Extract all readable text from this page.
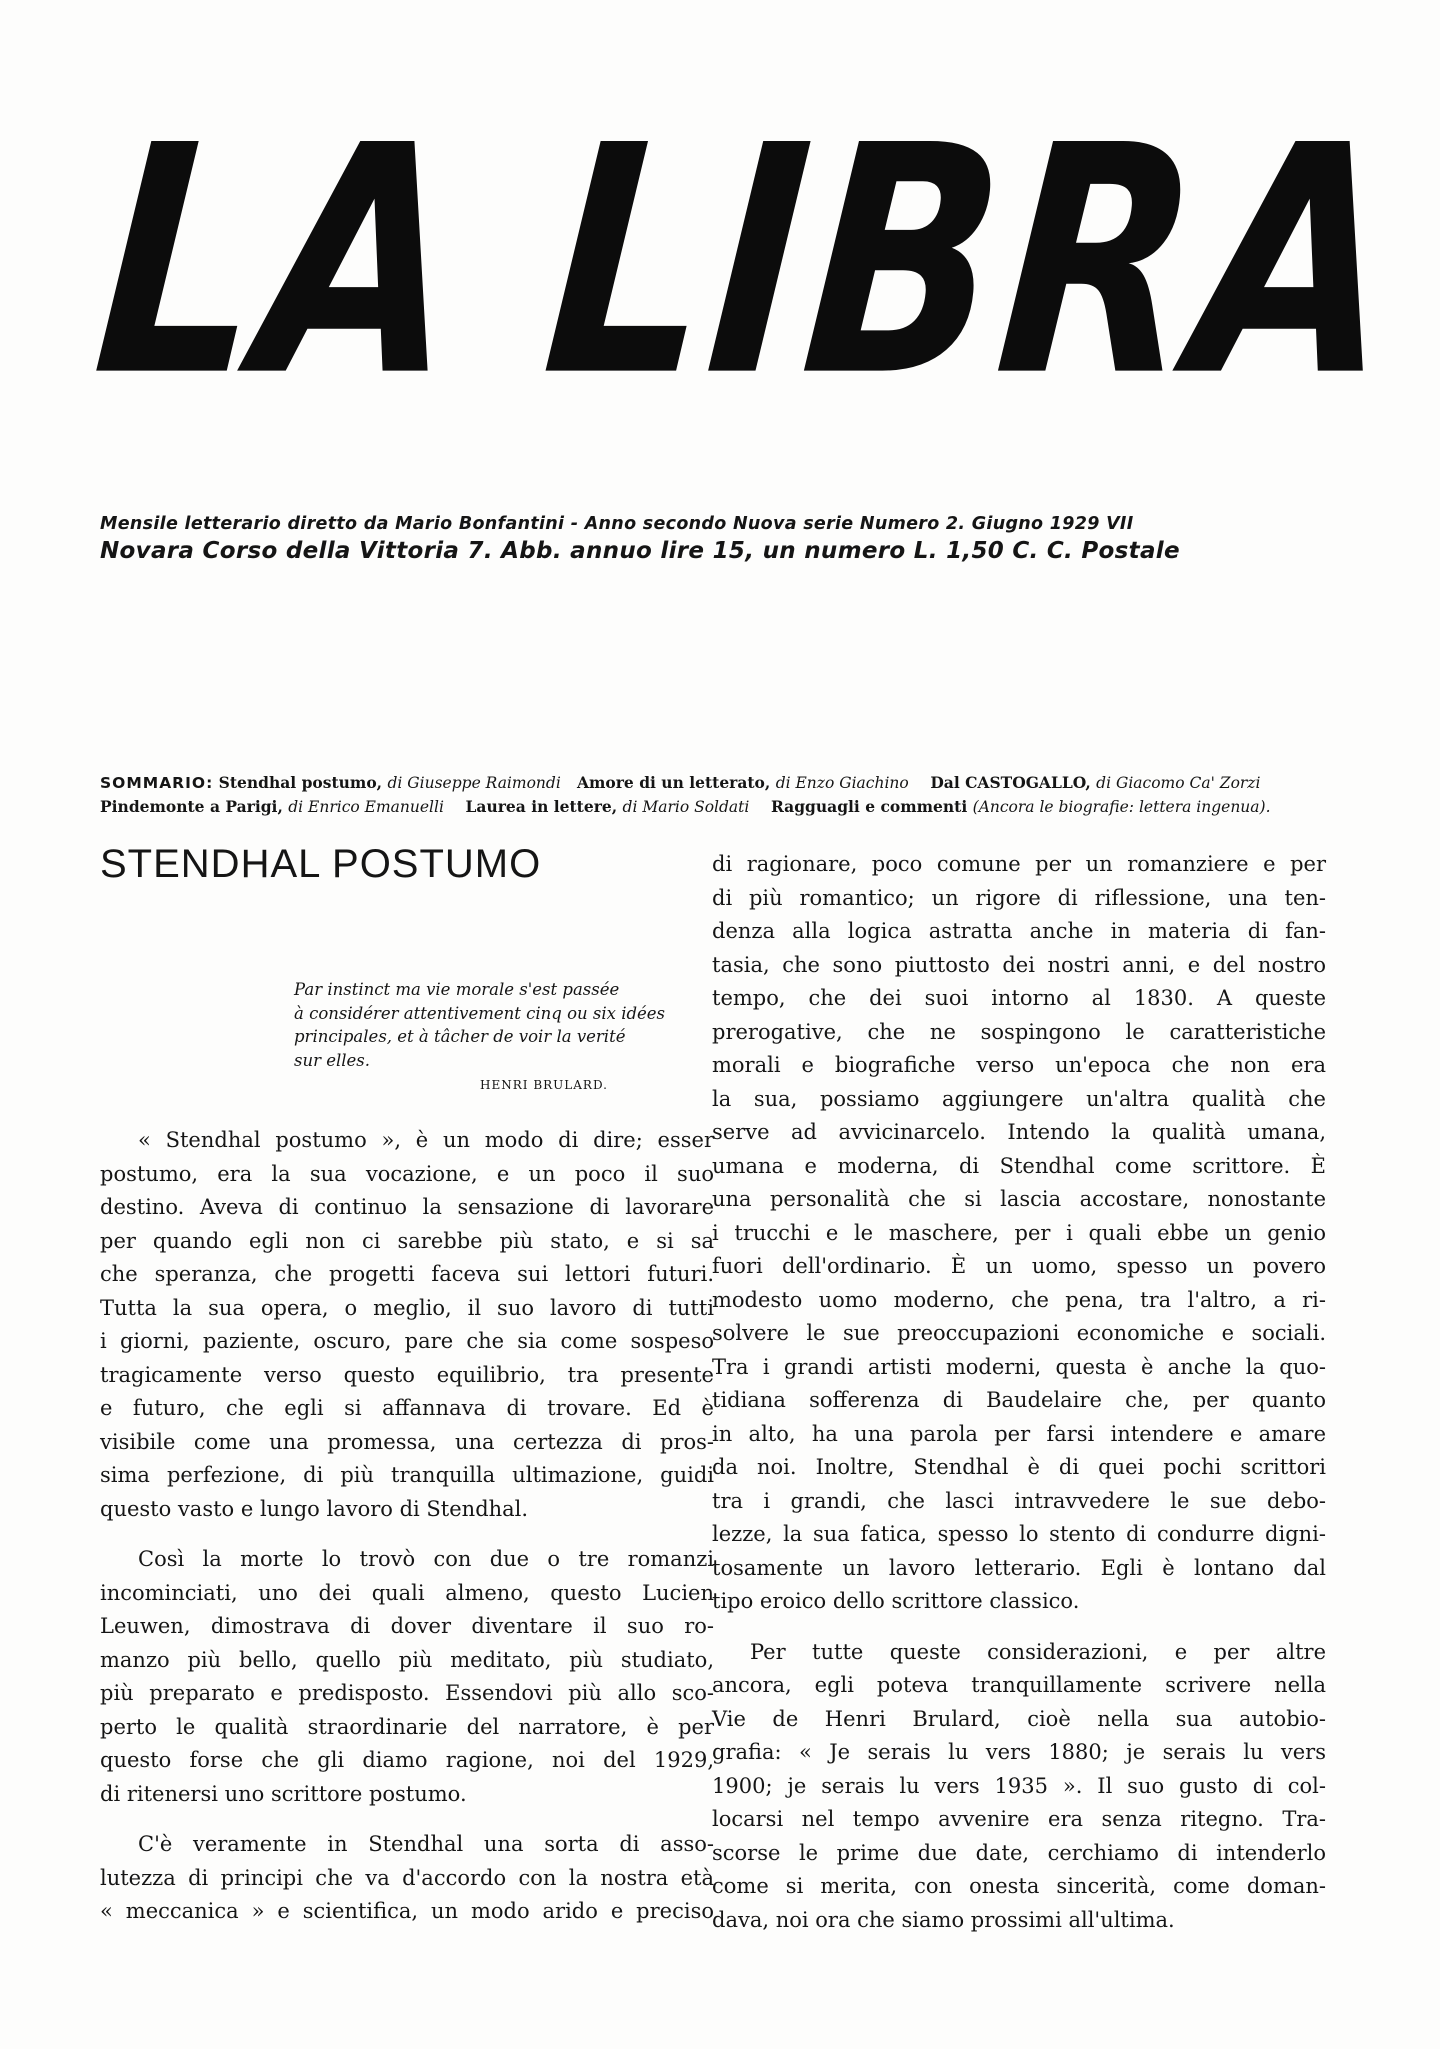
LA LIBRA
Mensile letterario diretto da Mario Bonfantini - Anno secondo Nuova serie Numero 2. Giugno 1929 VII
Novara Corso della Vittoria 7. Abb. annuo lire 15, un numero L. 1,50 C. C. Postale
SOMMARIO: Stendhal postumo, di Giuseppe Raimondi Amore di un letterato, di Enzo Giachino Dal CASTOGALLO, di Giacomo Ca' Zorzi
Pindemonte a Parigi, di Enrico Emanuelli Laurea in lettere, di Mario Soldati Ragguagli e commenti (Ancora le biografie: lettera ingenua).
STENDHAL POSTUMO
Par instinct ma vie morale s'est passée
à considérer attentivement cinq ou six idées
principales, et à tâcher de voir la verité
sur elles.
HENRI BRULARD.

« Stendhal postumo », è un modo di dire; esser
postumo, era la sua vocazione, e un poco il suo
destino. Aveva di continuo la sensazione di lavorare
per quando egli non ci sarebbe più stato, e si sa
che speranza, che progetti faceva sui lettori futuri.
Tutta la sua opera, o meglio, il suo lavoro di tutti
i giorni, paziente, oscuro, pare che sia come sospeso
tragicamente verso questo equilibrio, tra presente
e futuro, che egli si affannava di trovare. Ed è
visibile come una promessa, una certezza di pros-
sima perfezione, di più tranquilla ultimazione, guidi
questo vasto e lungo lavoro di Stendhal.

Così la morte lo trovò con due o tre romanzi
incominciati, uno dei quali almeno, questo Lucien
Leuwen, dimostrava di dover diventare il suo ro-
manzo più bello, quello più meditato, più studiato,
più preparato e predisposto. Essendovi più allo sco-
perto le qualità straordinarie del narratore, è per
questo forse che gli diamo ragione, noi del 1929,
di ritenersi uno scrittore postumo.

C'è veramente in Stendhal una sorta di asso-
lutezza di principi che va d'accordo con la nostra età
« meccanica » e scientifica, un modo arido e preciso

di ragionare, poco comune per un romanziere e per
di più romantico; un rigore di riflessione, una ten-
denza alla logica astratta anche in materia di fan-
tasia, che sono piuttosto dei nostri anni, e del nostro
tempo, che dei suoi intorno al 1830. A queste
prerogative, che ne sospingono le caratteristiche
morali e biografiche verso un'epoca che non era
la sua, possiamo aggiungere un'altra qualità che
serve ad avvicinarcelo. Intendo la qualità umana,
umana e moderna, di Stendhal come scrittore. È
una personalità che si lascia accostare, nonostante
i trucchi e le maschere, per i quali ebbe un genio
fuori dell'ordinario. È un uomo, spesso un povero
modesto uomo moderno, che pena, tra l'altro, a ri-
solvere le sue preoccupazioni economiche e sociali.
Tra i grandi artisti moderni, questa è anche la quo-
tidiana sofferenza di Baudelaire che, per quanto
in alto, ha una parola per farsi intendere e amare
da noi. Inoltre, Stendhal è di quei pochi scrittori
tra i grandi, che lasci intravvedere le sue debo-
lezze, la sua fatica, spesso lo stento di condurre digni-
tosamente un lavoro letterario. Egli è lontano dal
tipo eroico dello scrittore classico.

Per tutte queste considerazioni, e per altre
ancora, egli poteva tranquillamente scrivere nella
Vie de Henri Brulard, cioè nella sua autobio-
grafia: « Je serais lu vers 1880; je serais lu vers
1900; je serais lu vers 1935 ». Il suo gusto di col-
locarsi nel tempo avvenire era senza ritegno. Tra-
scorse le prime due date, cerchiamo di intenderlo
come si merita, con onesta sincerità, come doman-
dava, noi ora che siamo prossimi all'ultima.
